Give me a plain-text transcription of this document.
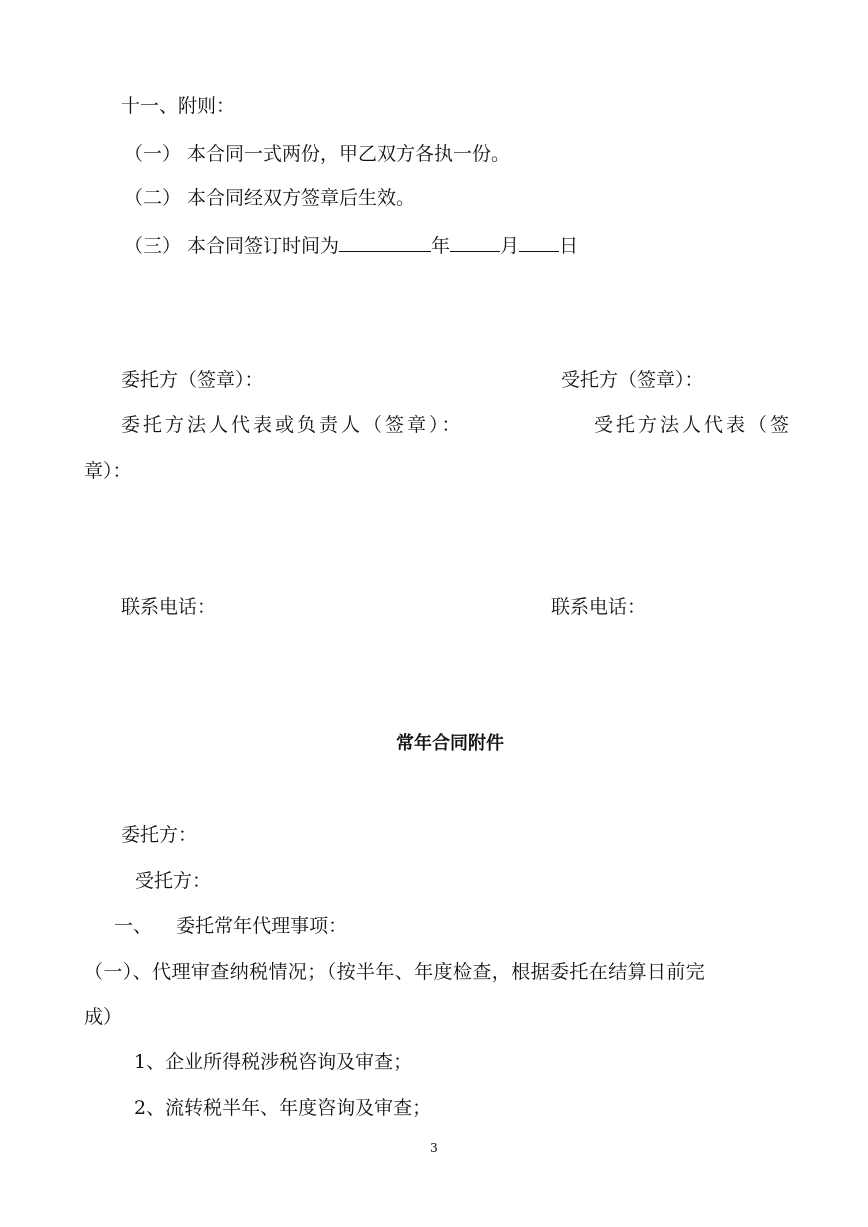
十一、附则：
（一） 本合同一式两份，甲乙双方各执一份。
（二） 本合同经双方签章后生效。
（三） 本合同签订时间为	年	月 日
委托方（签章）：	受托方（签章）：
委托方法人代表或负责人（签章）：	受托方法人代表（签
章）：
联系电话：	联系电话：
常年合同附件
委托方：
受托方：
一、    委托常年代理事项：
（一）、代理审查纳税情况；（按半年、年度检查，根据委托在结算日前完
成）
1、企业所得税涉税咨询及审查；
2、流转税半年、年度咨询及审查；
3
